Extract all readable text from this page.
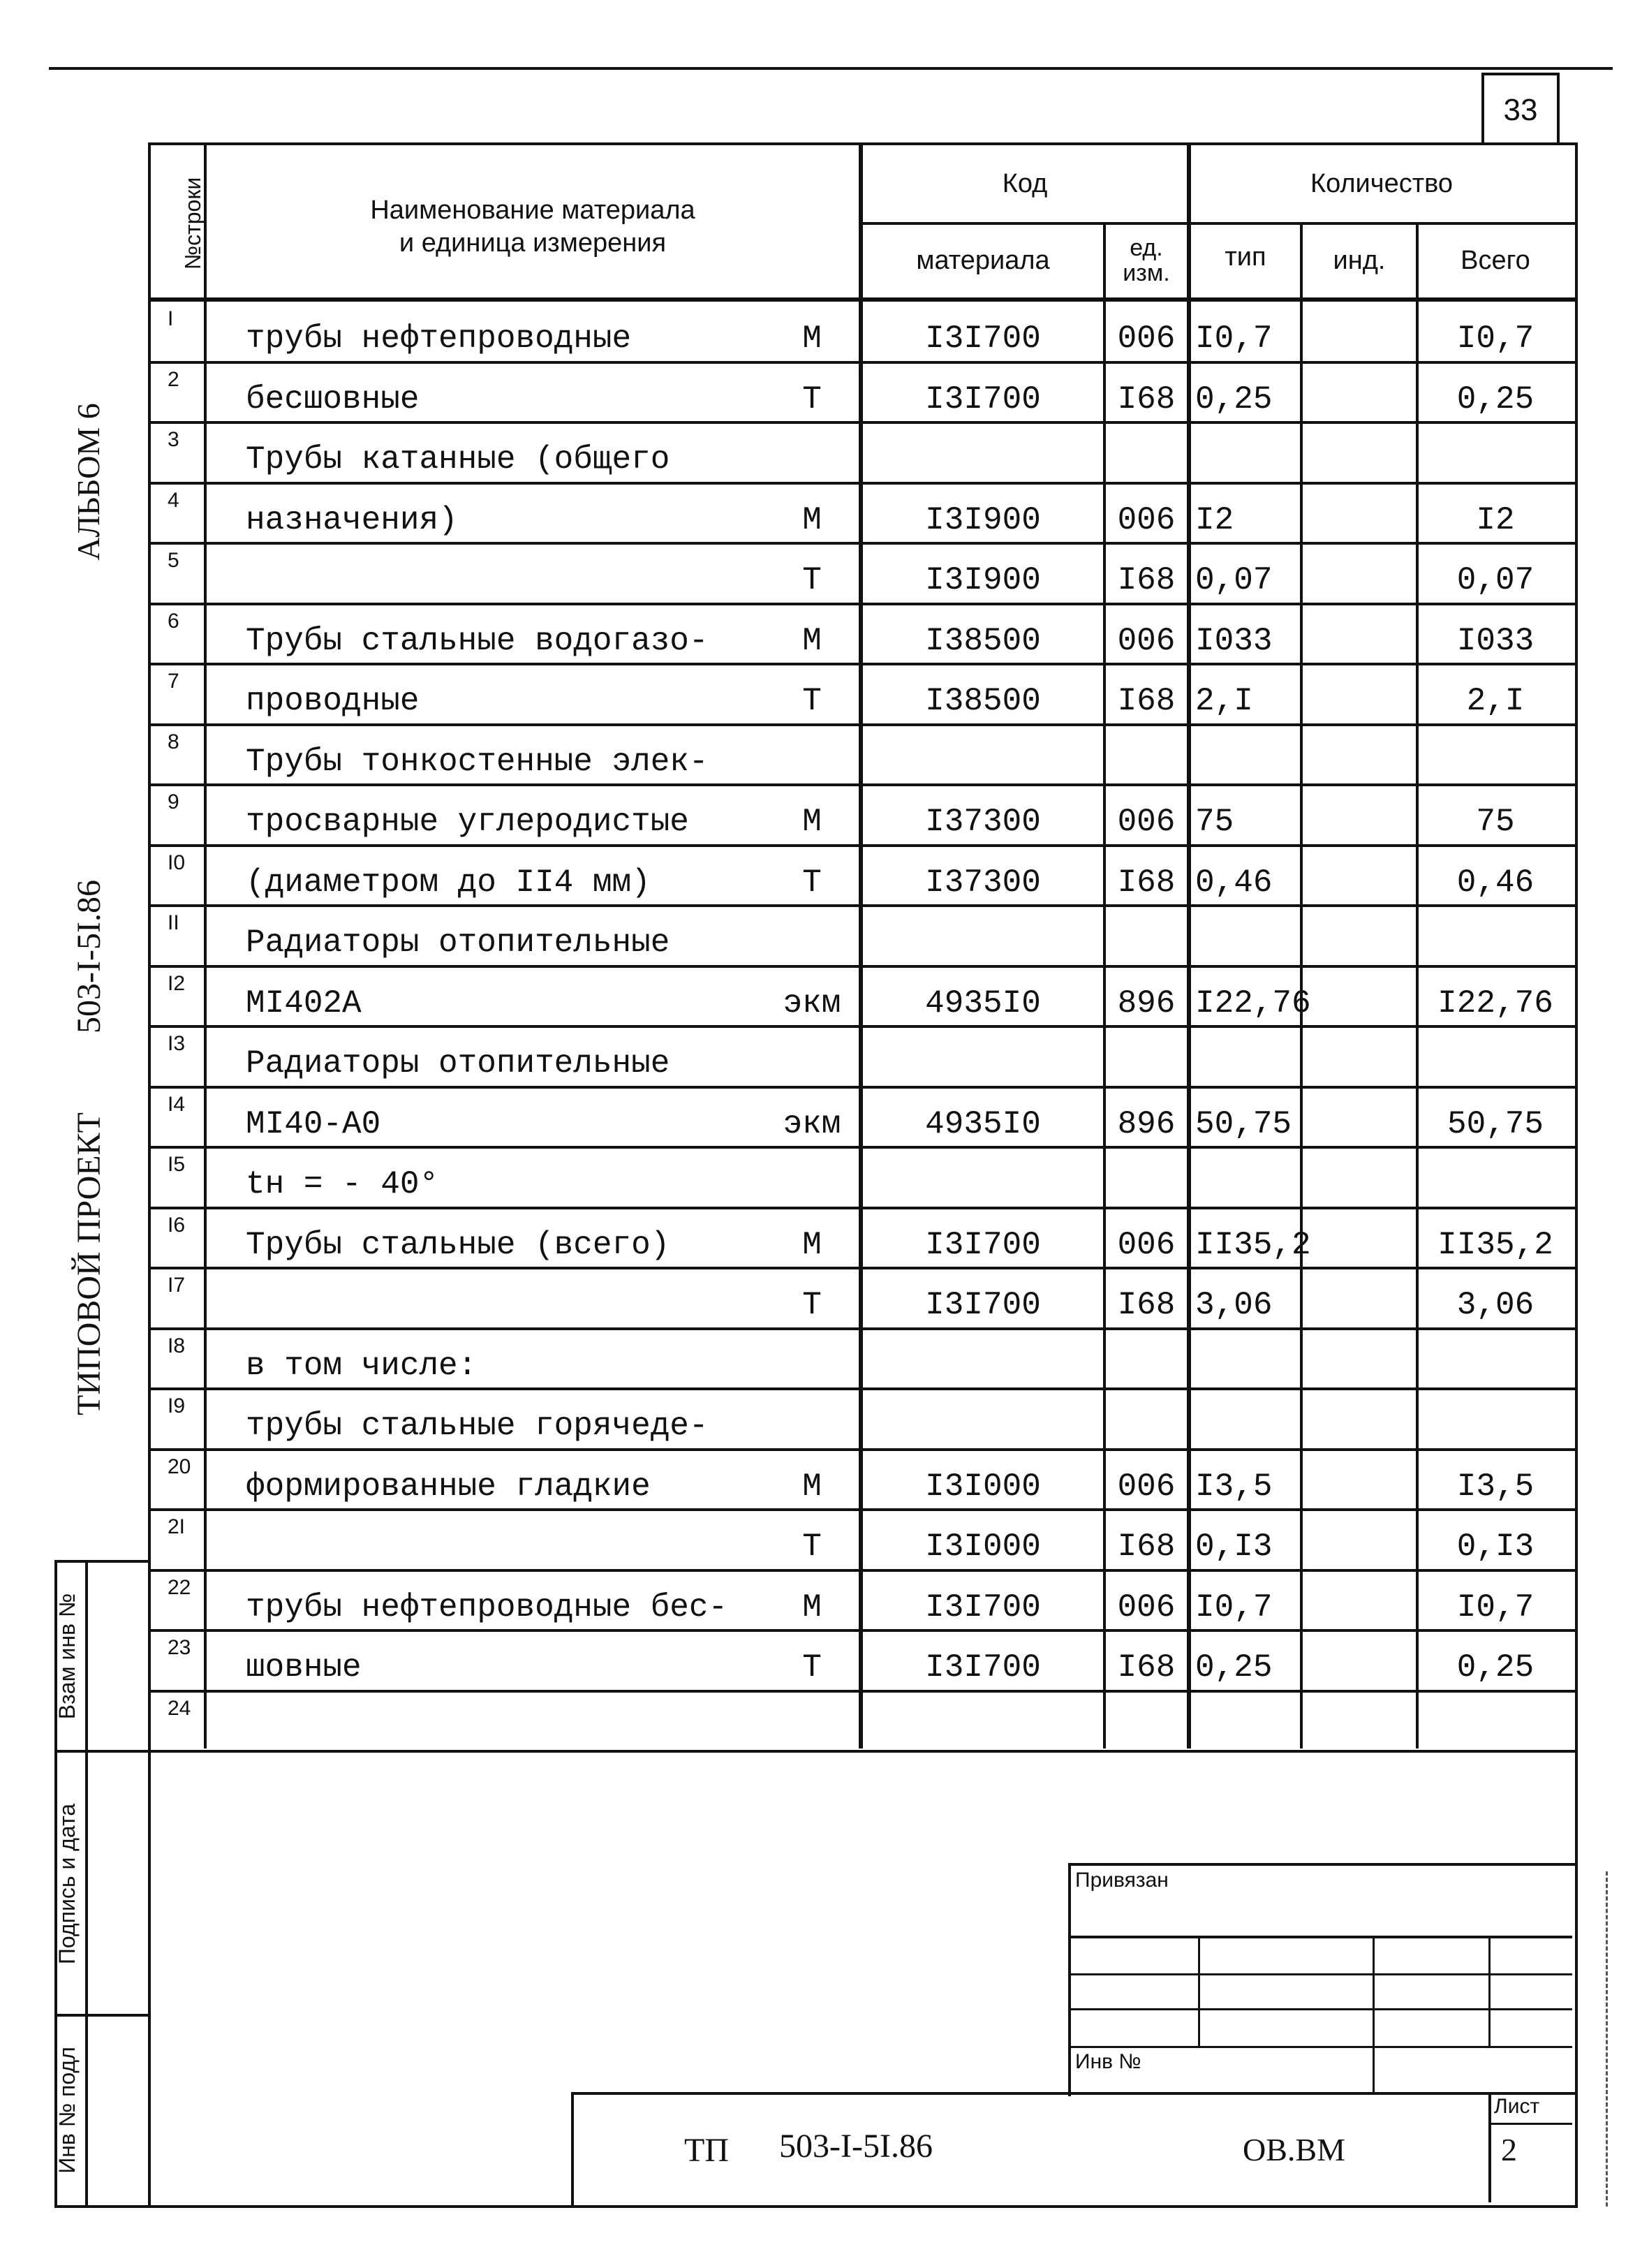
33
АЛЬБОМ 6
503-I-5I.86
ТИПОВОЙ ПРОЕКТ
Взам инв №
Подпись и дата
Инв № подл
№строки	Наименование материала
и единица измерения
Код	Количество
материала	ед.
изм.
тип	инд.	Всего
I
трубы нефтепроводные	М	I3I700	006 I0,7	I0,7
2
бесшовные	Т	I3I700	I68 0,25	0,25
3
Трубы катанные (общего
4
назначения)	М	I3I900	006 I2	I2
5
Т	I3I900	I68 0,07	0,07
6
Трубы стальные водогазо-	М	I38500	006 I033	I033
7
проводные	Т	I38500	I68 2,I	2,I
8
Трубы тонкостенные элек-
9
тросварные углеродистые	М	I37300	006 75	75
I0
(диаметром до II4 мм)	Т	I37300	I68 0,46	0,46
II
Радиаторы отопительные
I2
МI402А	экм	4935I0	896 I22,76	I22,76
I3
Радиаторы отопительные
I4
МI40-А0	экм	4935I0	896 50,75	50,75
I5
tн = - 40°
I6
Трубы стальные (всего)	М	I3I700	006 II35,2	II35,2
I7
Т	I3I700	I68 3,06	3,06
I8
в том числе:
I9
трубы стальные горячеде-
20
формированные гладкие	М	I3I000	006 I3,5	I3,5
2I
Т	I3I000	I68 0,I3	0,I3
22
трубы нефтепроводные бес-	М	I3I700	006 I0,7	I0,7
23
шовные	Т	I3I700	I68 0,25	0,25
24
Привязан
Инв №
ТП 503-I-5I.86	ОВ.ВМ
Лист
2
